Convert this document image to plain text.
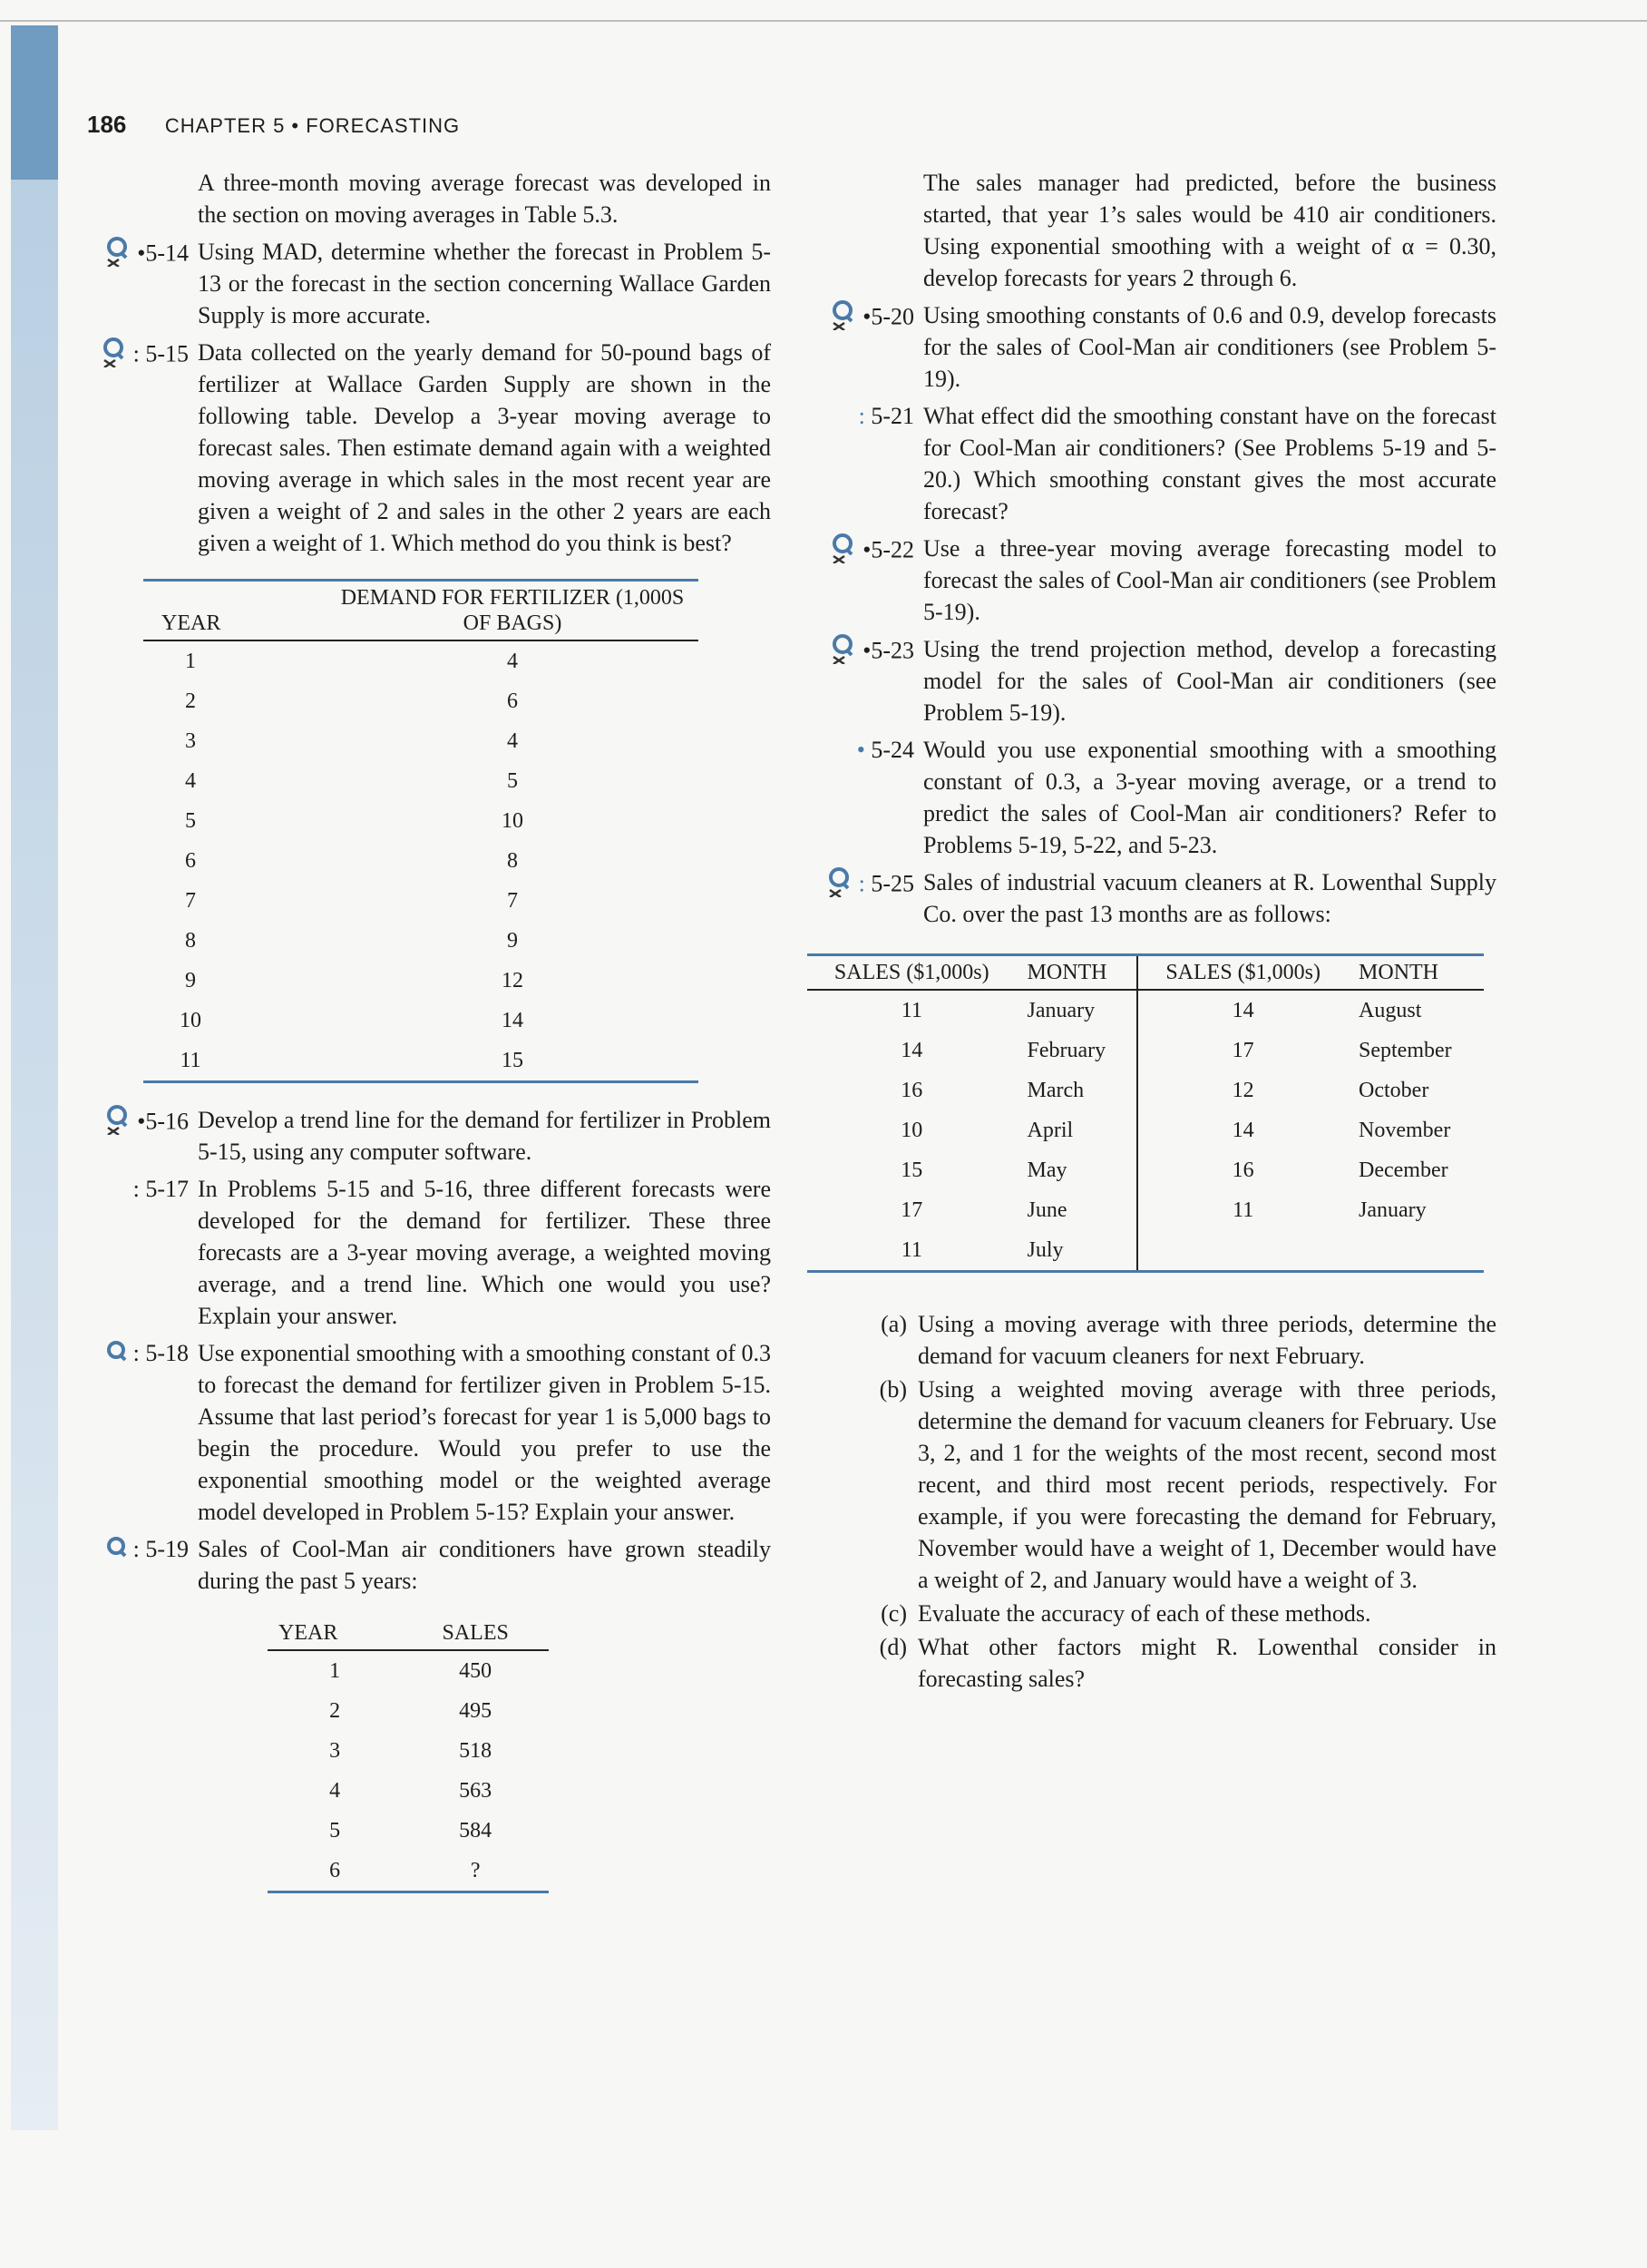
186 CHAPTER 5 • FORECASTING

A three-month moving average forecast was developed in the section on moving averages in Table 5.3.

•5-14 Using MAD, determine whether the forecast in Problem 5-13 or the forecast in the section concerning Wallace Garden Supply is more accurate.
: 5-15 Data collected on the yearly demand for 50-pound bags of fertilizer at Wallace Garden Supply are shown in the following table. Develop a 3-year moving average to forecast sales. Then estimate demand again with a weighted moving average in which sales in the most recent year are given a weight of 2 and sales in the other 2 years are each given a weight of 1. Which method do you think is best?
YEAR	DEMAND FOR FERTILIZER (1,000S OF BAGS)
1	4
2	6
3	4
4	5
5	10
6	8
7	7
8	9
9	12
10	14
11	15
•5-16 Develop a trend line for the demand for fertilizer in Problem 5-15, using any computer software.
: 5-17 In Problems 5-15 and 5-16, three different forecasts were developed for the demand for fertilizer. These three forecasts are a 3-year moving average, a weighted moving average, and a trend line. Which one would you use? Explain your answer.
: 5-18 Use exponential smoothing with a smoothing constant of 0.3 to forecast the demand for fertilizer given in Problem 5-15. Assume that last period’s forecast for year 1 is 5,000 bags to begin the procedure. Would you prefer to use the exponential smoothing model or the weighted average model developed in Problem 5-15? Explain your answer.
: 5-19 Sales of Cool-Man air conditioners have grown steadily during the past 5 years:
YEAR	SALES
1	450
2	495
3	518
4	563
5	584
6	?

The sales manager had predicted, before the business started, that year 1’s sales would be 410 air conditioners. Using exponential smoothing with a weight of α = 0.30, develop forecasts for years 2 through 6.

•5-20 Using smoothing constants of 0.6 and 0.9, develop forecasts for the sales of Cool-Man air conditioners (see Problem 5-19).
: 5-21 What effect did the smoothing constant have on the forecast for Cool-Man air conditioners? (See Problems 5-19 and 5-20.) Which smoothing constant gives the most accurate forecast?
•5-22 Use a three-year moving average forecasting model to forecast the sales of Cool-Man air conditioners (see Problem 5-19).
•5-23 Using the trend projection method, develop a forecasting model for the sales of Cool-Man air conditioners (see Problem 5-19).
• 5-24 Would you use exponential smoothing with a smoothing constant of 0.3, a 3-year moving average, or a trend to predict the sales of Cool-Man air conditioners? Refer to Problems 5-19, 5-22, and 5-23.
: 5-25 Sales of industrial vacuum cleaners at R. Lowenthal Supply Co. over the past 13 months are as follows:
SALES ($1,000s)	MONTH	SALES ($1,000s)	MONTH
11	January	14	August
14	February	17	September
16	March	12	October
10	April	14	November
15	May	16	December
17	June	11	January
11	July		
(a) Using a moving average with three periods, determine the demand for vacuum cleaners for next February.
(b) Using a weighted moving average with three periods, determine the demand for vacuum cleaners for February. Use 3, 2, and 1 for the weights of the most recent, second most recent, and third most recent periods, respectively. For example, if you were forecasting the demand for February, November would have a weight of 1, December would have a weight of 2, and January would have a weight of 3.
(c) Evaluate the accuracy of each of these methods.
(d) What other factors might R. Lowenthal consider in forecasting sales?
